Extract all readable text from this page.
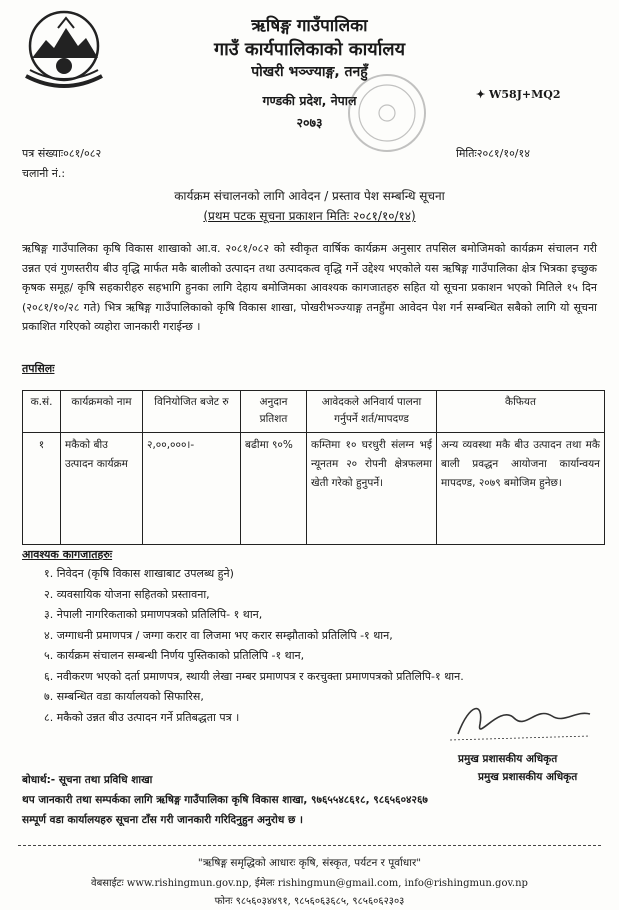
ऋषिङ्ग गाउँपालिका
गाउँ कार्यपालिकाको कार्यालय
पोखरी भञ्ज्याङ्ग, तनहुँ
गण्डकी प्रदेश, नेपाल
२०७३
✦ W58J+MQ2
पत्र संख्याः०८१/०८२
चलानी नं.:
मितिः२०८१/१०/१४
कार्यक्रम संचालनको लागि आवेदन / प्रस्ताव पेश सम्बन्धि सूचना
(प्रथम पटक सूचना प्रकाशन मितिः २०८१/१०/१४)

ऋषिङ्ग गाउँपालिका कृषि विकास शाखाको आ.व. २०८१/०८२ को स्वीकृत वार्षिक कार्यक्रम अनुसार तपसिल बमोजिमको कार्यक्रम संचालन गरी उन्नत एवं गुणस्तरीय बीउ वृद्धि मार्फत मकै बालीको उत्पादन तथा उत्पादकत्व वृद्धि गर्ने उद्देश्य भएकोले यस ऋषिङ्ग गाउँपालिका क्षेत्र भित्रका इच्छुक कृषक समूह/ कृषि सहकारीहरु सहभागि हुनका लागि देहाय बमोजिमका आवश्यक कागजातहरु सहित यो सूचना प्रकाशन भएको मितिले १५ दिन (२०८१/१०/२८ गते) भित्र ऋषिङ्ग गाउँपालिकाको कृषि विकास शाखा, पोखरीभञ्ज्याङ्ग तनहुँमा आवेदन पेश गर्न सम्बन्धित सबैको लागि यो सूचना प्रकाशित गरिएको व्यहोरा जानकारी गराईन्छ ।

तपसिलः
क.सं.	कार्यक्रमको नाम	विनियोजित बजेट रु	अनुदान प्रतिशत	आवेदकले अनिवार्य पालना गर्नुपर्ने शर्त/मापदण्ड	कैफियत
१	मकैको बीउ उत्पादन कार्यक्रम	२,००,०००।-	बढीमा ९०%	कम्तिमा १० घरधुरी संलग्न भई न्यूनतम २० रोपनी क्षेत्रफलमा खेती गरेको हुनुपर्ने।	अन्य व्यवस्था मकै बीउ उत्पादन तथा मकै बाली प्रवद्धन आयोजना कार्यान्वयन मापदण्ड, २०७९ बमोजिम हुनेछ।
आवश्यक कागजातहरुः
१. निवेदन (कृषि विकास शाखाबाट उपलब्ध हुने)
२. व्यवसायिक योजना सहितको प्रस्तावना,
३. नेपाली नागरिकताको प्रमाणपत्रको प्रतिलिपि- १ थान,
४. जग्गाधनी प्रमाणपत्र / जग्गा करार वा लिजमा भए करार सम्झौताको प्रतिलिपि -१ थान,
५. कार्यक्रम संचालन सम्बन्धी निर्णय पुस्तिकाको प्रतिलिपि -१ थान,
६. नवीकरण भएको दर्ता प्रमाणपत्र, स्थायी लेखा नम्बर प्रमाणपत्र र करचुक्ता प्रमाणपत्रको प्रतिलिपि-१ थान.
७. सम्बन्धित वडा कार्यालयको सिफारिस,
८. मकैको उन्नत बीउ उत्पादन गर्ने प्रतिबद्धता पत्र ।
प्रमुख प्रशासकीय अधिकृत
प्रमुख प्रशासकीय अधिकृत
बोधार्थ:- सूचना तथा प्रविधि शाखा
थप जानकारी तथा सम्पर्कका लागि ऋषिङ्ग गाउँपालिका कृषि विकास शाखा, ९७६५५४८६१८, ९८६५६०४२६७
सम्पूर्ण वडा कार्यालयहरु सूचना टाँस गरी जानकारी गरिदिनुहुन अनुरोध छ ।
"ऋषिङ्ग समृद्धिको आधारः कृषि, संस्कृत, पर्यटन र पूर्वाधार"
वेबसाईटः www.rishingmun.gov.np, ईमेलः rishingmun@gmail.com, info@rishingmun.gov.np
फोनः ९८५६०३४४९१, ९८५६०६३६८५, ९८५६०६२३०३
